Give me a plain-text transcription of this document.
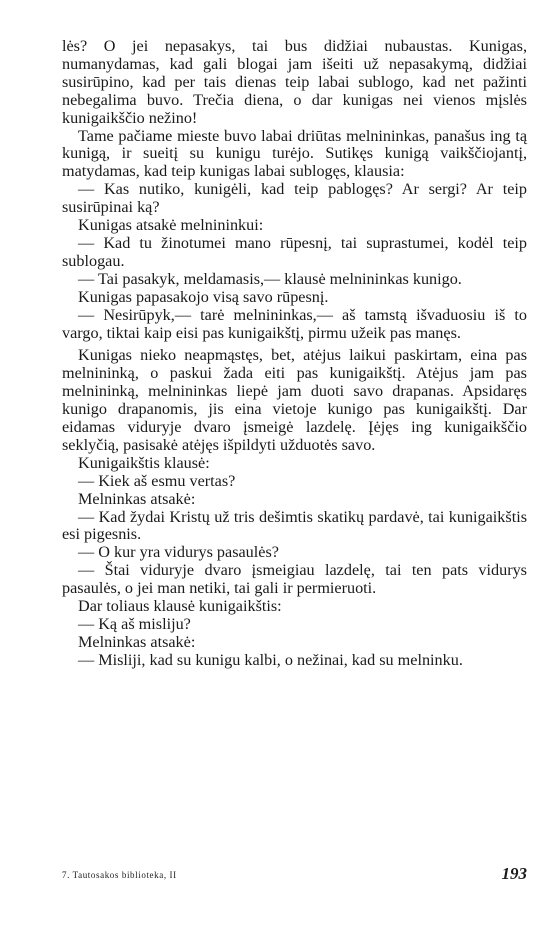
lės? O jei nepasakys, tai bus didžiai nubaustas. Kunigas, numanydamas, kad gali blogai jam išeiti už nepasakymą, didžiai susirūpino, kad per tais dienas teip labai sublogo, kad net pažinti nebegalima buvo. Trečia diena, o dar kunigas nei vienos mįslės kunigaikščio nežino!

Tame pačiame mieste buvo labai driūtas melnininkas, panašus ing tą kunigą, ir sueitį su kunigu turėjo. Sutikęs kunigą vaikščiojantį, matydamas, kad teip kunigas labai sublogęs, klausia:

— Kas nutiko, kunigėli, kad teip pablogęs? Ar sergi? Ar teip susirūpinai ką?

Kunigas atsakė melnininkui:

— Kad tu žinotumei mano rūpesnį, tai suprastumei, kodėl teip sublogau.

— Tai pasakyk, meldamasis,— klausė melnininkas kunigo.

Kunigas papasakojo visą savo rūpesnį.

— Nesirūpyk,— tarė melnininkas,— aš tamstą išvaduosiu iš to vargo, tiktai kaip eisi pas kunigaikštį, pirmu užeik pas manęs.

Kunigas nieko neapmąstęs, bet, atėjus laikui paskirtam, eina pas melnininką, o paskui žada eiti pas kunigaikštį. Atėjus jam pas melnininką, melnininkas liepė jam duoti savo drapanas. Apsidaręs kunigo drapanomis, jis eina vietoje kunigo pas kunigaikštį. Dar eidamas viduryje dvaro įsmeigė lazdelę. Įėjęs ing kunigaikščio seklyčią, pasisakė atėjęs išpildyti užduotės savo.

Kunigaikštis klausė:

— Kiek aš esmu vertas?

Melninkas atsakė:

— Kad žydai Kristų už tris dešimtis skatikų pardavė, tai kunigaikštis esi pigesnis.

— O kur yra vidurys pasaulės?

— Štai viduryje dvaro įsmeigiau lazdelę, tai ten pats vidurys pasaulės, o jei man netiki, tai gali ir permieruoti.

Dar toliaus klausė kunigaikštis:

— Ką aš misliju?

Melninkas atsakė:

— Misliji, kad su kunigu kalbi, o nežinai, kad su melninku.

7. Tautosakos biblioteka, II	193
